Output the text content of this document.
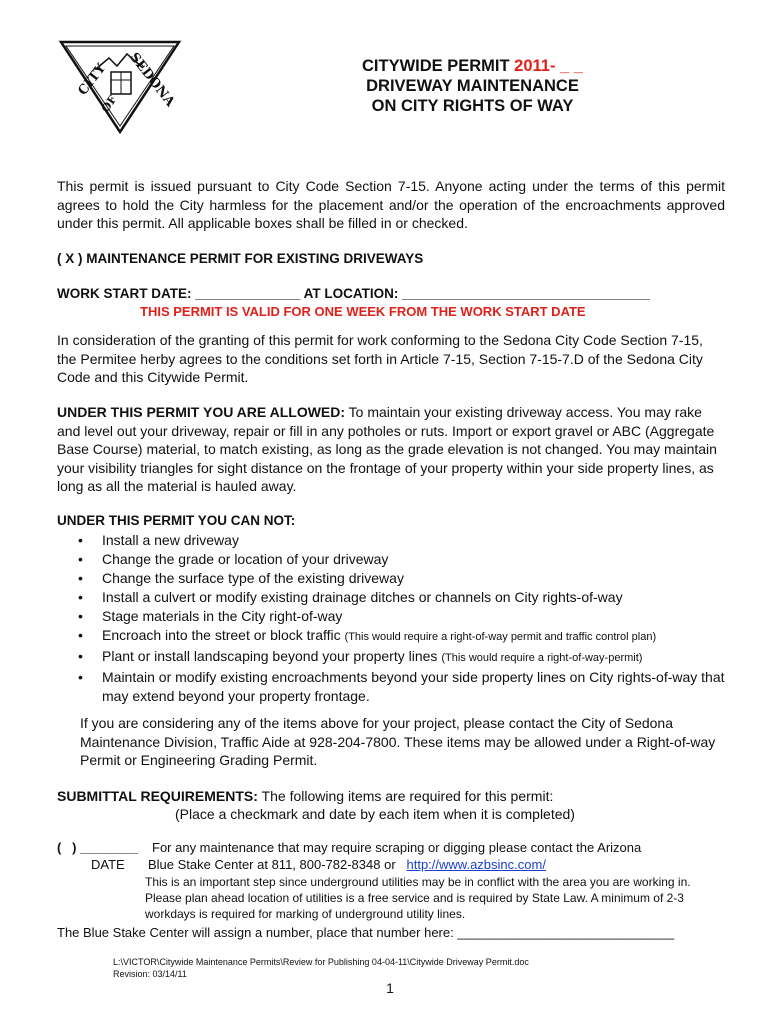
CITY SEDONA
OF
CITYWIDE PERMIT 2011- _ _
DRIVEWAY MAINTENANCE
ON CITY RIGHTS OF WAY
This permit is issued pursuant to City Code Section 7-15. Anyone acting under the terms of this permit agrees to hold the City harmless for the placement and/or the operation of the encroachments approved under this permit. All applicable boxes shall be filled in or checked.
( X ) MAINTENANCE PERMIT FOR EXISTING DRIVEWAYS
WORK START DATE: ______________ AT LOCATION: _________________________________
THIS PERMIT IS VALID FOR ONE WEEK FROM THE WORK START DATE
In consideration of the granting of this permit for work conforming to the Sedona City Code Section 7-15, the Permitee herby agrees to the conditions set forth in Article 7-15, Section 7-15-7.D of the Sedona City Code and this Citywide Permit.
UNDER THIS PERMIT YOU ARE ALLOWED: To maintain your existing driveway access. You may rake and level out your driveway, repair or fill in any potholes or ruts. Import or export gravel or ABC (Aggregate Base Course) material, to match existing, as long as the grade elevation is not changed. You may maintain your visibility triangles for sight distance on the frontage of your property within your side property lines, as long as all the material is hauled away.
UNDER THIS PERMIT YOU CAN NOT:
• Install a new driveway
• Change the grade or location of your driveway
• Change the surface type of the existing driveway
• Install a culvert or modify existing drainage ditches or channels on City rights-of-way
• Stage materials in the City right-of-way
• Encroach into the street or block traffic (This would require a right-of-way permit and traffic control plan)
• Plant or install landscaping beyond your property lines (This would require a right-of-way-permit)
• Maintain or modify existing encroachments beyond your side property lines on City rights-of-way that may extend beyond your property frontage.
If you are considering any of the items above for your project, please contact the City of Sedona Maintenance Division, Traffic Aide at 928-204-7800. These items may be allowed under a Right-of-way Permit or Engineering Grading Permit.
SUBMITTAL REQUIREMENTS: The following items are required for this permit:
(Place a checkmark and date by each item when it is completed)
(   ) ________ For any maintenance that may require scraping or digging please contact the Arizona
DATE Blue Stake Center at 811, 800-782-8348 or http://www.azbsinc.com/
This is an important step since underground utilities may be in conflict with the area you are working in. Please plan ahead location of utilities is a free service and is required by State Law. A minimum of 2-3 workdays is required for marking of underground utility lines.
The Blue Stake Center will assign a number, place that number here: ______________________________
L:\VICTOR\Citywide Maintenance Permits\Review for Publishing 04-04-11\Citywide Driveway Permit.doc
Revision: 03/14/11
1
